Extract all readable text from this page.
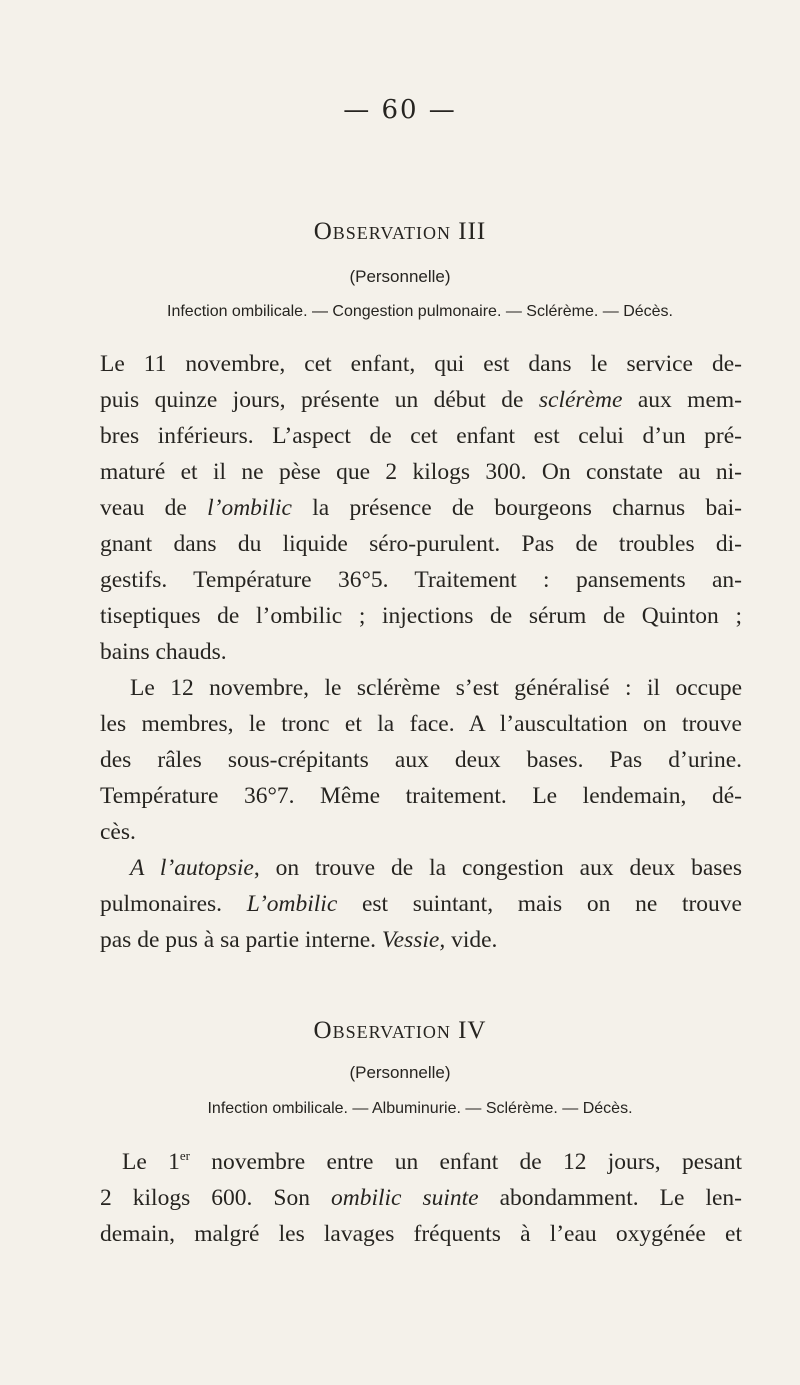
— 60 —
Observation III
(Personnelle)
Infection ombilicale. — Congestion pulmonaire. — Sclérème. — Décès.
Le 11 novembre, cet enfant, qui est dans le service de-
puis quinze jours, présente un début de sclérème aux mem-
bres inférieurs. L’aspect de cet enfant est celui d’un pré-
maturé et il ne pèse que 2 kilogs 300. On constate au ni-
veau de l’ombilic la présence de bourgeons charnus bai-
gnant dans du liquide séro-purulent. Pas de troubles di-
gestifs. Température 36°5. Traitement : pansements an-
tiseptiques de l’ombilic ; injections de sérum de Quinton ;
bains chauds.
Le 12 novembre, le sclérème s’est généralisé : il occupe
les membres, le tronc et la face. A l’auscultation on trouve
des râles sous-crépitants aux deux bases. Pas d’urine.
Température 36°7. Même traitement. Le lendemain, dé-
cès.
A l’autopsie, on trouve de la congestion aux deux bases
pulmonaires. L’ombilic est suintant, mais on ne trouve
pas de pus à sa partie interne. Vessie, vide.
Observation IV
(Personnelle)
Infection ombilicale. — Albuminurie. — Sclérème. — Décès.
Le 1er novembre entre un enfant de 12 jours, pesant
2 kilogs 600. Son ombilic suinte abondamment. Le len-
demain, malgré les lavages fréquents à l’eau oxygénée et
